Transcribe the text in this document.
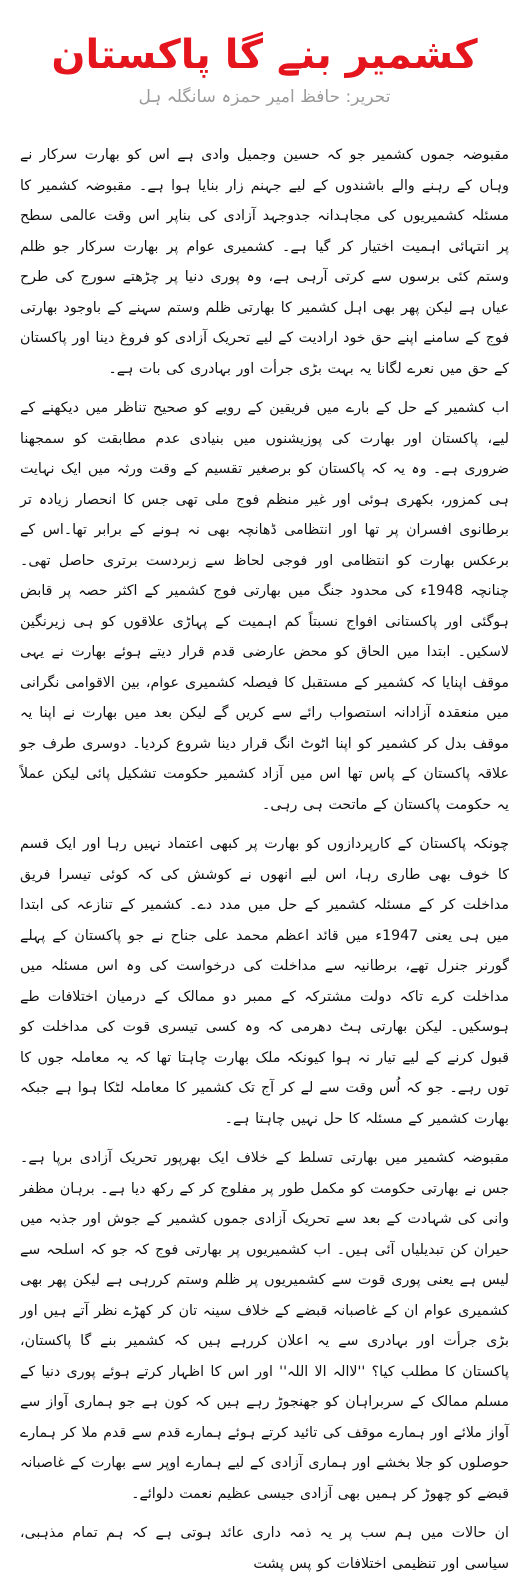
کشمیر بنے گا پاکستان
تحریر: حافظ امیر حمزہ سانگلہ ہل

مقبوضہ جموں کشمیر جو کہ حسین وجمیل وادی ہے اس کو بھارت سرکار نے وہاں کے رہنے والے باشندوں کے لیے جہنم زار بنایا ہوا ہے۔ مقبوضہ کشمیر کا مسئلہ کشمیریوں کی مجاہدانہ جدوجہد آزادی کی بناپر اس وقت عالمی سطح پر انتہائی اہمیت اختیار کر گیا ہے۔ کشمیری عوام پر بھارت سرکار جو ظلم وستم کئی برسوں سے کرتی آرہی ہے، وہ پوری دنیا پر چڑھتے سورج کی طرح عیاں ہے لیکن پھر بھی اہل کشمیر کا بھارتی ظلم وستم سہنے کے باوجود بھارتی فوج کے سامنے اپنے حق خود ارادیت کے لیے تحریک آزادی کو فروغ دینا اور پاکستان کے حق میں نعرے لگانا یہ بہت بڑی جرأت اور بہادری کی بات ہے۔

اب کشمیر کے حل کے بارے میں فریقین کے رویے کو صحیح تناظر میں دیکھنے کے لیے، پاکستان اور بھارت کی پوزیشنوں میں بنیادی عدم مطابقت کو سمجھنا ضروری ہے۔ وہ یہ کہ پاکستان کو برصغیر تقسیم کے وقت ورثہ میں ایک نہایت ہی کمزور، بکھری ہوئی اور غیر منظم فوج ملی تھی جس کا انحصار زیادہ تر برطانوی افسران پر تھا اور انتظامی ڈھانچہ بھی نہ ہونے کے برابر تھا۔اس کے برعکس بھارت کو انتظامی اور فوجی لحاظ سے زبردست برتری حاصل تھی۔ چنانچہ 1948ء کی محدود جنگ میں بھارتی فوج کشمیر کے اکثر حصہ پر قابض ہوگئی اور پاکستانی افواج نسبتاً کم اہمیت کے پہاڑی علاقوں کو ہی زیرنگین لاسکیں۔ ابتدا میں الحاق کو محض عارضی قدم قرار دیتے ہوئے بھارت نے یہی موقف اپنایا کہ کشمیر کے مستقبل کا فیصلہ کشمیری عوام، بین الاقوامی نگرانی میں منعقدہ آزادانہ استصواب رائے سے کریں گے لیکن بعد میں بھارت نے اپنا یہ موقف بدل کر کشمیر کو اپنا اٹوٹ انگ قرار دینا شروع کردیا۔ دوسری طرف جو علاقہ پاکستان کے پاس تھا اس میں آزاد کشمیر حکومت تشکیل پائی لیکن عملاً یہ حکومت پاکستان کے ماتحت ہی رہی۔

چونکہ پاکستان کے کارپردازوں کو بھارت پر کبھی اعتماد نہیں رہا اور ایک قسم کا خوف بھی طاری رہا، اس لیے انھوں نے کوشش کی کہ کوئی تیسرا فریق مداخلت کر کے مسئلہ کشمیر کے حل میں مدد دے۔ کشمیر کے تنازعہ کی ابتدا میں ہی یعنی 1947ء میں قائد اعظم محمد علی جناح نے جو پاکستان کے پہلے گورنر جنرل تھے، برطانیہ سے مداخلت کی درخواست کی وہ اس مسئلہ میں مداخلت کرے تاکہ دولت مشترکہ کے ممبر دو ممالک کے درمیان اختلافات طے ہوسکیں۔ لیکن بھارتی ہٹ دھرمی کہ وہ کسی تیسری قوت کی مداخلت کو قبول کرنے کے لیے تیار نہ ہوا کیونکہ ملک بھارت چاہتا تھا کہ یہ معاملہ جوں کا توں رہے۔ جو کہ اُس وقت سے لے کر آج تک کشمیر کا معاملہ لٹکا ہوا ہے جبکہ بھارت کشمیر کے مسئلہ کا حل نہیں چاہتا ہے۔

مقبوضہ کشمیر میں بھارتی تسلط کے خلاف ایک بھرپور تحریک آزادی برپا ہے۔ جس نے بھارتی حکومت کو مکمل طور پر مفلوج کر کے رکھ دیا ہے۔ برہان مظفر وانی کی شہادت کے بعد سے تحریک آزادی جموں کشمیر کے جوش اور جذبہ میں حیران کن تبدیلیاں آئی ہیں۔ اب کشمیریوں پر بھارتی فوج کہ جو کہ اسلحہ سے لیس ہے یعنی پوری قوت سے کشمیریوں پر ظلم وستم کررہی ہے لیکن پھر بھی کشمیری عوام ان کے غاصبانہ قبضے کے خلاف سینہ تان کر کھڑے نظر آتے ہیں اور بڑی جرأت اور بہادری سے یہ اعلان کررہے ہیں کہ کشمیر بنے گا پاکستان، پاکستان کا مطلب کیا؟ ''لاالہ الا اللہ'' اور اس کا اظہار کرتے ہوئے پوری دنیا کے مسلم ممالک کے سربراہان کو جھنجوڑ رہے ہیں کہ کون ہے جو ہماری آواز سے آواز ملائے اور ہمارے موقف کی تائید کرتے ہوئے ہمارے قدم سے قدم ملا کر ہمارے حوصلوں کو جلا بخشے اور ہماری آزادی کے لیے ہمارے اوپر سے بھارت کے غاصبانہ قبضے کو چھوڑ کر ہمیں بھی آزادی جیسی عظیم نعمت دلوائے۔

ان حالات میں ہم سب پر یہ ذمہ داری عائد ہوتی ہے کہ ہم تمام مذہبی، سیاسی اور تنظیمی اختلافات کو پس پشت
